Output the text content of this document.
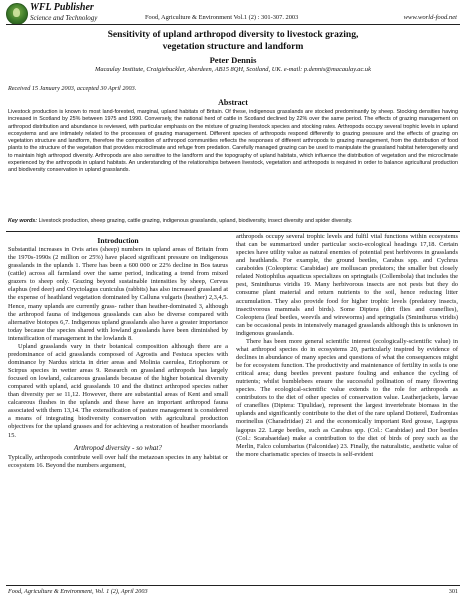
WFL Publisher
Science and Technology	Food, Agriculture & Environment Vol.1 (2) : 301-307. 2003	www.world-food.net
Sensitivity of upland arthropod diversity to livestock grazing,
vegetation structure and landform
Peter Dennis
Macaulay Institute, Craigiebuckler, Aberdeen, AB15 8QH, Scotland, UK. e-mail: p.dennis@macaulay.ac.uk
Received 15 January 2003, accepted 30 April 2003.
Abstract
Livestock production is known to most land-forested, marginal, upland habitats of Britain. Of these, indigenous grasslands are stocked predominantly by sheep. Stocking densities having increased in Scotland by 25% between 1975 and 1990. Conversely, the national herd of cattle in Scotland declined by 22% over the same period. The effects of grazing management on arthropod distribution and abundance is reviewed, with particular emphasis on the mixture of grazing livestock species and stocking rates. Arthropods occupy several trophic levels in upland ecosystems and are intimately related to the processes of grazing management. Different species of arthropods respond differently to grazing pressure and the effects of grazing on vegetation structure and landform, therefore the composition of arthropod communities reflects the responses of different arthropods to grazing management, from the distribution of food plants to the structure of the vegetation that provides microclimate and refuge from predation. Carefully managed grazing can be used to manipulate the grassland habitat heterogeneity and to maintain high arthropod diversity. Arthropods are also sensitive to the landform and the topography of upland habitats, which influence the distribution of vegetation and the microclimate experienced by the arthropods in upland habitats. An understanding of the relationships between livestock, vegetation and arthropods is required in order to balance agricultural production and biodiversity conservation in upland grasslands.
Key words: Livestock production, sheep grazing, cattle grazing, indigenous grasslands, upland, biodiversity, insect diversity and spider diversity.
Introduction

Substantial increases in Ovis aries (sheep) numbers in upland areas of Britain from the 1970s-1990s (2 million or 25%) have placed significant pressure on indigenous grasslands in the uplands 1. There has been a 600 000 or 22% decline in Bos taurus (cattle) across all farmland over the same period, indicating a trend from mixed grazers to sheep only. Grazing beyond sustainable intensities by sheep, Cervus elaphus (red deer) and Oryctolagus cuniculus (rabbits) has also increased grassland at the expense of heathland vegetation dominated by Calluna vulgaris (heather) 2,3,4,5. Hence, many uplands are currently grass- rather than heather-dominated 3, although the arthropod fauna of indigenous grasslands can also be diverse compared with alternative biotopes 6,7. Indigenous upland grasslands also have a greater importance today because the species shared with lowland grasslands have been diminished by intensification of management in the lowlands 8.

Upland grasslands vary in their botanical composition although there are a predominance of acid grasslands composed of Agrostis and Festuca species with dominance by Nardus stricta in drier areas and Molinia caerulea, Eriophorum or Scirpus species in wetter areas 9. Research on grassland arthropods has largely focused on lowland, calcareous grasslands because of the higher botanical diversity compared with upland, acid grasslands 10 and the distinct arthropod species rather than diversity per se 11,12. However, there are substantial areas of Kent and small calcareous flushes in the uplands and these have an important arthropod fauna associated with them 13,14. The extensification of pasture management is considered a means of integrating biodiversity conservation with agricultural production objectives for the upland grasses and for achieving a restoration of heather moorlands 15.

Arthropod diversity - so what?

Typically, arthropods contribute well over half the metazoan species in any habitat or ecosystem 16. Beyond the numbers argument,

arthropods occupy several trophic levels and fulfil vital functions within ecosystems that can be summarized under particular socio-ecological headings 17,18. Certain species have utility value as natural enemies of potential pest herbivores in grasslands and heathlands. For example, the ground beetles, Carabus spp. and Cychrus caraboides (Coleoptera: Carabidae) are molluscan predators; the smaller but closely related Notiophilus aquaticus specializes on springtails (Collembola) that includes the pest, Sminthurus viridis 19. Many herbivorous insects are not pests but they do consume plant material and return nutrients to the soil, hence reducing litter accumulation. They also provide food for higher trophic levels (predatory insects, insectivorous mammals and birds). Some Diptera (dirt flies and craneflies), Coleoptera (leaf beetles, weevils and wireworms) and springtails (Sminthurus viridis) can be occasional pests in intensively managed grasslands although this is unknown in indigenous grasslands.

There has been more general scientific interest (ecologically-scientific value) in what arthropod species do in ecosystems 20, particularly inspired by evidence of declines in abundance of many species and questions of what the consequences might be for ecosystem function. The productivity and maintenance of fertility in soils is one critical area; dung beetles prevent pasture fouling and enhance the cycling of nutrients; whilst bumblebees ensure the successful pollination of many flowering species. The ecological-scientific value extends to the role for arthropods as contributors to the diet of other species of conservation value. Leatherjackets, larvae of craneflies (Diptera: Tipulidae), represent the largest invertebrate biomass in the uplands and significantly contribute to the diet of the rare upland Dotterel, Eudromias morinellus (Charadriidae) 21 and the economically important Red grouse, Lagopus lagopus 22. Large beetles, such as Carabus spp. (Col.: Carabidae) and Dor beetles (Col.: Scarabaeidae) make a contribution to the diet of birds of prey such as the Merlin, Falco columbarius (Falconidae) 23. Finally, the naturalistic, aesthetic value of the more charismatic species of insects is self-evident

Food, Agriculture & Environment, Vol. 1 (2), April 2003	301
